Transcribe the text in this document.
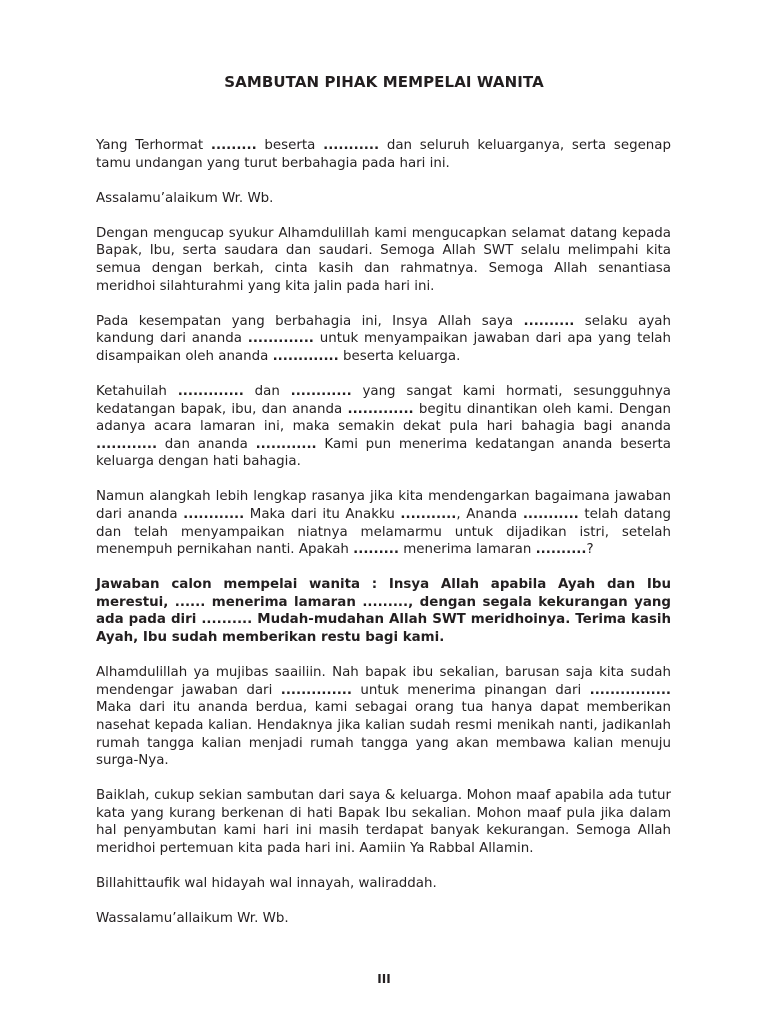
SAMBUTAN PIHAK MEMPELAI WANITA

Yang Terhormat ......... beserta ........... dan seluruh keluarganya, serta segenap tamu undangan yang turut berbahagia pada hari ini.

Assalamu’alaikum Wr. Wb.

Dengan mengucap syukur Alhamdulillah kami mengucapkan selamat datang kepada Bapak, Ibu, serta saudara dan saudari. Semoga Allah SWT selalu melimpahi kita semua dengan berkah, cinta kasih dan rahmatnya. Semoga Allah senantiasa meridhoi silahturahmi yang kita jalin pada hari ini.

Pada kesempatan yang berbahagia ini, Insya Allah saya .......... selaku ayah kandung dari ananda ............. untuk menyampaikan jawaban dari apa yang telah disampaikan oleh ananda ............. beserta keluarga.

Ketahuilah ............. dan ............ yang sangat kami hormati, sesungguhnya kedatangan bapak, ibu, dan ananda ............. begitu dinantikan oleh kami. Dengan adanya acara lamaran ini, maka semakin dekat pula hari bahagia bagi ananda ............ dan ananda ............ Kami pun menerima kedatangan ananda beserta keluarga dengan hati bahagia.

Namun alangkah lebih lengkap rasanya jika kita mendengarkan bagaimana jawaban dari ananda ............ Maka dari itu Anakku ..........., Ananda ........... telah datang dan telah menyampaikan niatnya melamarmu untuk dijadikan istri, setelah menempuh pernikahan nanti. Apakah ......... menerima lamaran ..........?

Jawaban calon mempelai wanita : Insya Allah apabila Ayah dan Ibu merestui, ...... menerima lamaran ........., dengan segala kekurangan yang ada pada diri .......... Mudah-mudahan Allah SWT meridhoinya. Terima kasih Ayah, Ibu sudah memberikan restu bagi kami.

Alhamdulillah ya mujibas saailiin. Nah bapak ibu sekalian, barusan saja kita sudah mendengar jawaban dari .............. untuk menerima pinangan dari ................ Maka dari itu ananda berdua, kami sebagai orang tua hanya dapat memberikan nasehat kepada kalian. Hendaknya jika kalian sudah resmi menikah nanti, jadikanlah rumah tangga kalian menjadi rumah tangga yang akan membawa kalian menuju surga-Nya.

Baiklah, cukup sekian sambutan dari saya & keluarga. Mohon maaf apabila ada tutur kata yang kurang berkenan di hati Bapak Ibu sekalian. Mohon maaf pula jika dalam hal penyambutan kami hari ini masih terdapat banyak kekurangan. Semoga Allah meridhoi pertemuan kita pada hari ini. Aamiin Ya Rabbal Allamin.

Billahittaufik wal hidayah wal innayah, waliraddah.

Wassalamu’allaikum Wr. Wb.

III
